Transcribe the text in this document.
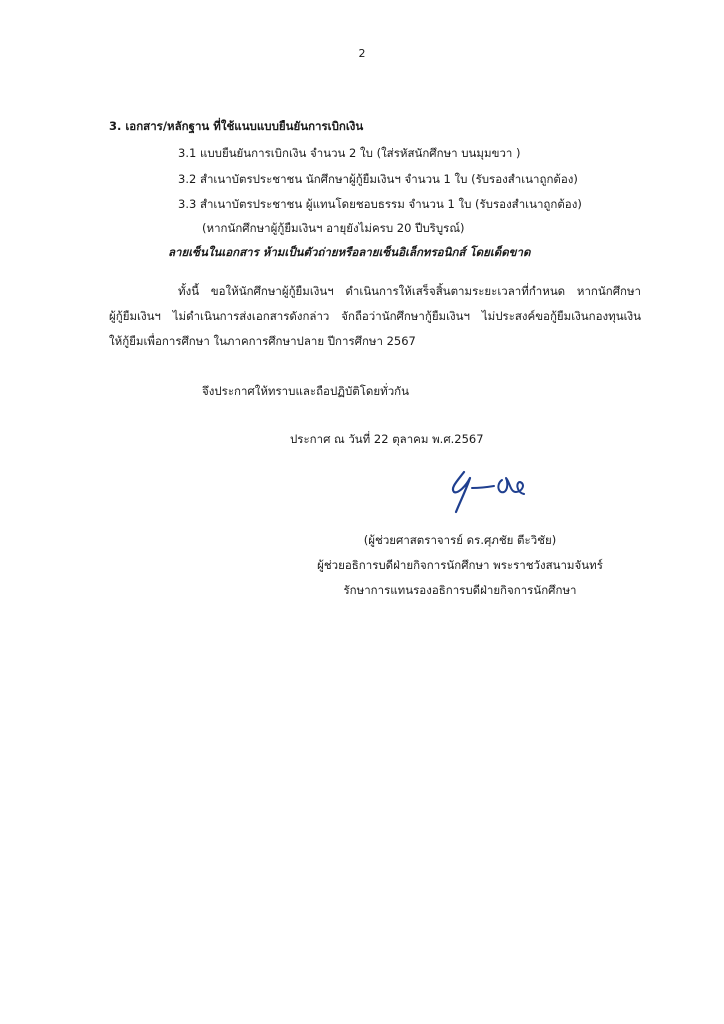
2
3. เอกสาร/หลักฐาน ที่ใช้แนบแบบยืนยันการเบิกเงิน
3.1 แบบยืนยันการเบิกเงิน จำนวน 2 ใบ (ใส่รหัสนักศึกษา บนมุมขวา )
3.2 สำเนาบัตรประชาชน นักศึกษาผู้กู้ยืมเงินฯ จำนวน 1 ใบ (รับรองสำเนาถูกต้อง)
3.3 สำเนาบัตรประชาชน ผู้แทนโดยชอบธรรม จำนวน 1 ใบ (รับรองสำเนาถูกต้อง)
(หากนักศึกษาผู้กู้ยืมเงินฯ อายุยังไม่ครบ 20 ปีบริบูรณ์)
ลายเซ็นในเอกสาร ห้ามเป็นตัวถ่ายหรือลายเซ็นอิเล็กทรอนิกส์ โดยเด็ดขาด
ทั้งนี้ ขอให้นักศึกษาผู้กู้ยืมเงินฯ ดำเนินการให้เสร็จสิ้นตามระยะเวลาที่กำหนด หากนักศึกษา
ผู้กู้ยืมเงินฯ ไม่ดำเนินการส่งเอกสารดังกล่าว จักถือว่านักศึกษากู้ยืมเงินฯ ไม่ประสงค์ขอกู้ยืมเงินกองทุนเงิน
ให้กู้ยืมเพื่อการศึกษา ในภาคการศึกษาปลาย ปีการศึกษา 2567
จึงประกาศให้ทราบและถือปฏิบัติโดยทั่วกัน
ประกาศ ณ วันที่ 22 ตุลาคม พ.ศ.2567
(ผู้ช่วยศาสตราจารย์ ดร.ศุภชัย ตีะวิชัย)
ผู้ช่วยอธิการบดีฝ่ายกิจการนักศึกษา พระราชวังสนามจันทร์
รักษาการแทนรองอธิการบดีฝ่ายกิจการนักศึกษา
